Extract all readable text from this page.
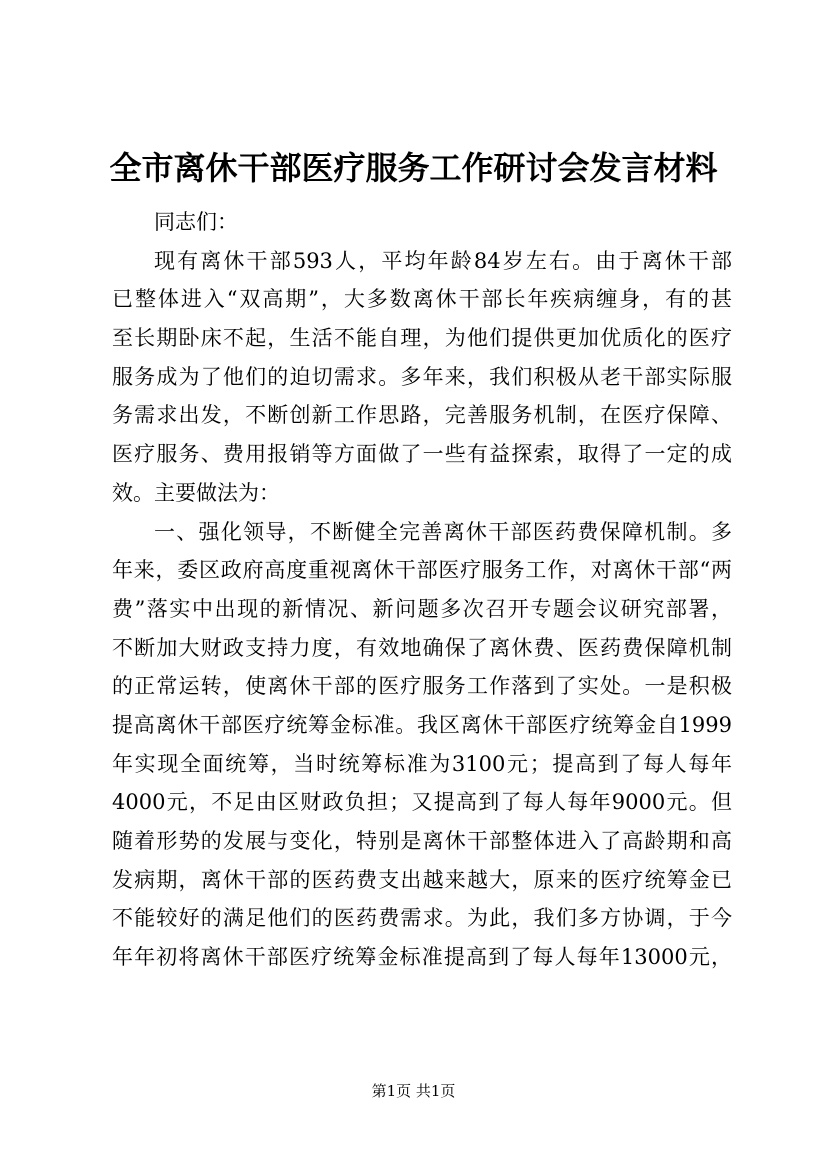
全市离休干部医疗服务工作研讨会发言材料
同志们：
现有离休干部593人，平均年龄84岁左右。由于离休干部
已整体进入“双高期”，大多数离休干部长年疾病缠身，有的甚
至长期卧床不起，生活不能自理，为他们提供更加优质化的医疗
服务成为了他们的迫切需求。多年来，我们积极从老干部实际服
务需求出发，不断创新工作思路，完善服务机制，在医疗保障、
医疗服务、费用报销等方面做了一些有益探索，取得了一定的成
效。主要做法为：
一、强化领导，不断健全完善离休干部医药费保障机制。多
年来，委区政府高度重视离休干部医疗服务工作，对离休干部“两
费”落实中出现的新情况、新问题多次召开专题会议研究部署，
不断加大财政支持力度，有效地确保了离休费、医药费保障机制
的正常运转，使离休干部的医疗服务工作落到了实处。一是积极
提高离休干部医疗统筹金标准。我区离休干部医疗统筹金自1999
年实现全面统筹，当时统筹标准为3100元；提高到了每人每年
4000元，不足由区财政负担；又提高到了每人每年9000元。但
随着形势的发展与变化，特别是离休干部整体进入了高龄期和高
发病期，离休干部的医药费支出越来越大，原来的医疗统筹金已
不能较好的满足他们的医药费需求。为此，我们多方协调，于今
年年初将离休干部医疗统筹金标准提高到了每人每年13000元，
第1页 共1页
